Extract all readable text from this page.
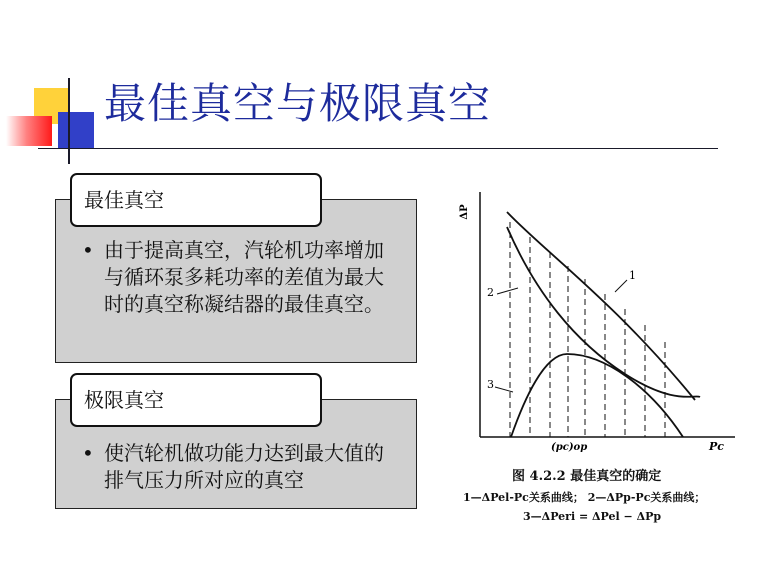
最佳真空与极限真空
最佳真空
• 由于提高真空，汽轮机功率增加与循环泵多耗功率的差值为最大时的真空称凝结器的最佳真空。
极限真空
• 使汽轮机做功能力达到最大值的排气压力所对应的真空
ΔP
Pc
(pc)op
1
2
3
图 4.2.2 最佳真空的确定
1—ΔPel-Pc关系曲线； 2—ΔPp-Pc关系曲线；
3—ΔPeri = ΔPel − ΔPp
